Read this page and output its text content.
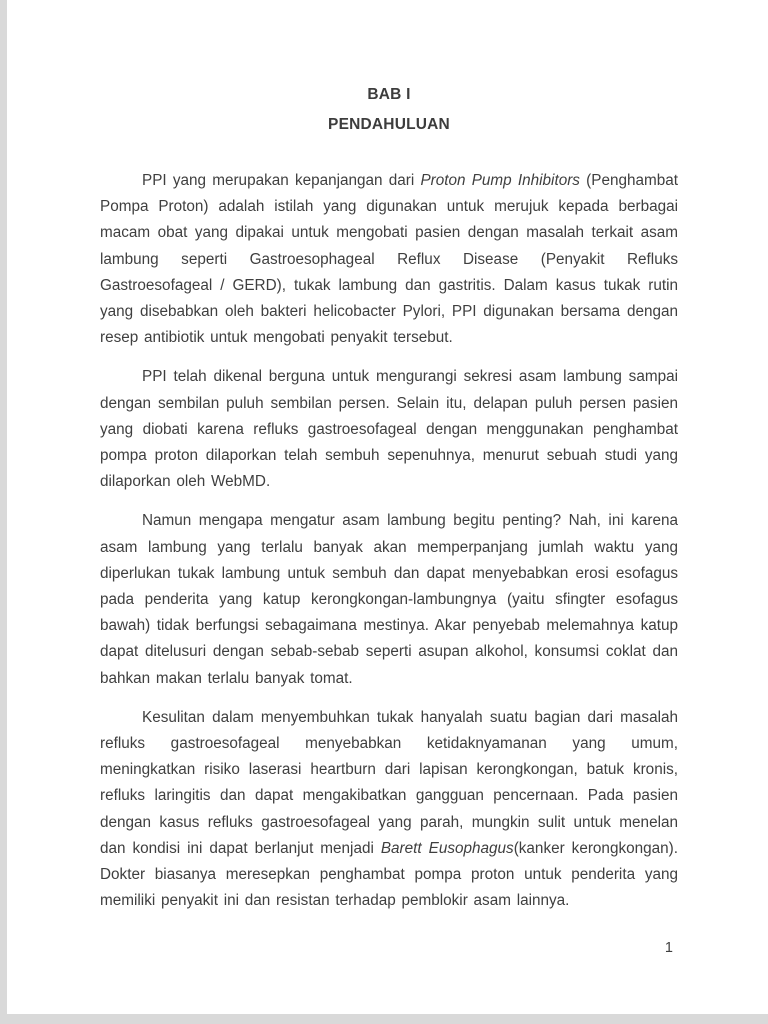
BAB I
PENDAHULUAN

PPI yang merupakan kepanjangan dari Proton Pump Inhibitors (Penghambat Pompa Proton) adalah istilah yang digunakan untuk merujuk kepada berbagai macam obat yang dipakai untuk mengobati pasien dengan masalah terkait asam lambung seperti Gastroesophageal Reflux Disease (Penyakit Refluks Gastroesofageal / GERD), tukak lambung dan gastritis. Dalam kasus tukak rutin yang disebabkan oleh bakteri helicobacter Pylori, PPI digunakan bersama dengan resep antibiotik untuk mengobati penyakit tersebut.

PPI telah dikenal berguna untuk mengurangi sekresi asam lambung sampai dengan sembilan puluh sembilan persen. Selain itu, delapan puluh persen pasien yang diobati karena refluks gastroesofageal dengan menggunakan penghambat pompa proton dilaporkan telah sembuh sepenuhnya, menurut sebuah studi yang dilaporkan oleh WebMD.

Namun mengapa mengatur asam lambung begitu penting? Nah, ini karena asam lambung yang terlalu banyak akan memperpanjang jumlah waktu yang diperlukan tukak lambung untuk sembuh dan dapat menyebabkan erosi esofagus pada penderita yang katup kerongkongan-lambungnya (yaitu sfingter esofagus bawah) tidak berfungsi sebagaimana mestinya. Akar penyebab melemahnya katup dapat ditelusuri dengan sebab-sebab seperti asupan alkohol, konsumsi coklat dan bahkan makan terlalu banyak tomat.

Kesulitan dalam menyembuhkan tukak hanyalah suatu bagian dari masalah refluks gastroesofageal menyebabkan ketidaknyamanan yang umum, meningkatkan risiko laserasi heartburn dari lapisan kerongkongan, batuk kronis, refluks laringitis dan dapat mengakibatkan gangguan pencernaan. Pada pasien dengan kasus refluks gastroesofageal yang parah, mungkin sulit untuk menelan dan kondisi ini dapat berlanjut menjadi Barett Eusophagus(kanker kerongkongan). Dokter biasanya meresepkan penghambat pompa proton untuk penderita yang memiliki penyakit ini dan resistan terhadap pemblokir asam lainnya.

1
